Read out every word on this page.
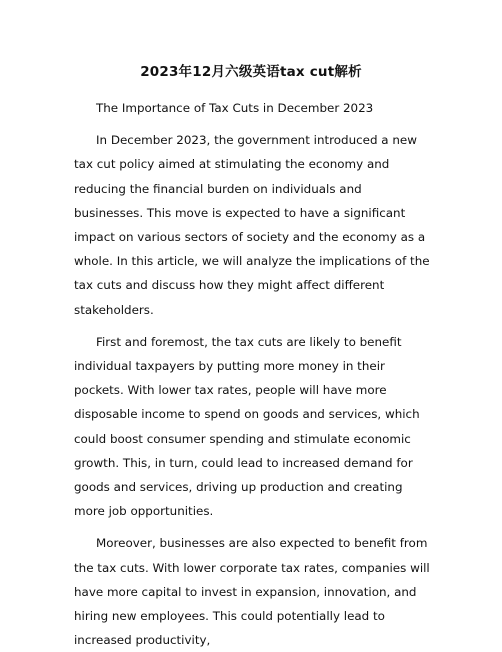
2023年12月六级英语tax cut解析

The Importance of Tax Cuts in December 2023

In December 2023, the government introduced a new tax cut policy aimed at stimulating the economy and reducing the financial burden on individuals and businesses. This move is expected to have a significant impact on various sectors of society and the economy as a whole. In this article, we will analyze the implications of the tax cuts and discuss how they might affect different stakeholders.

First and foremost, the tax cuts are likely to benefit individual taxpayers by putting more money in their pockets. With lower tax rates, people will have more disposable income to spend on goods and services, which could boost consumer spending and stimulate economic growth. This, in turn, could lead to increased demand for goods and services, driving up production and creating more job opportunities.

Moreover, businesses are also expected to benefit from the tax cuts. With lower corporate tax rates, companies will have more capital to invest in expansion, innovation, and hiring new employees. This could potentially lead to increased productivity,
